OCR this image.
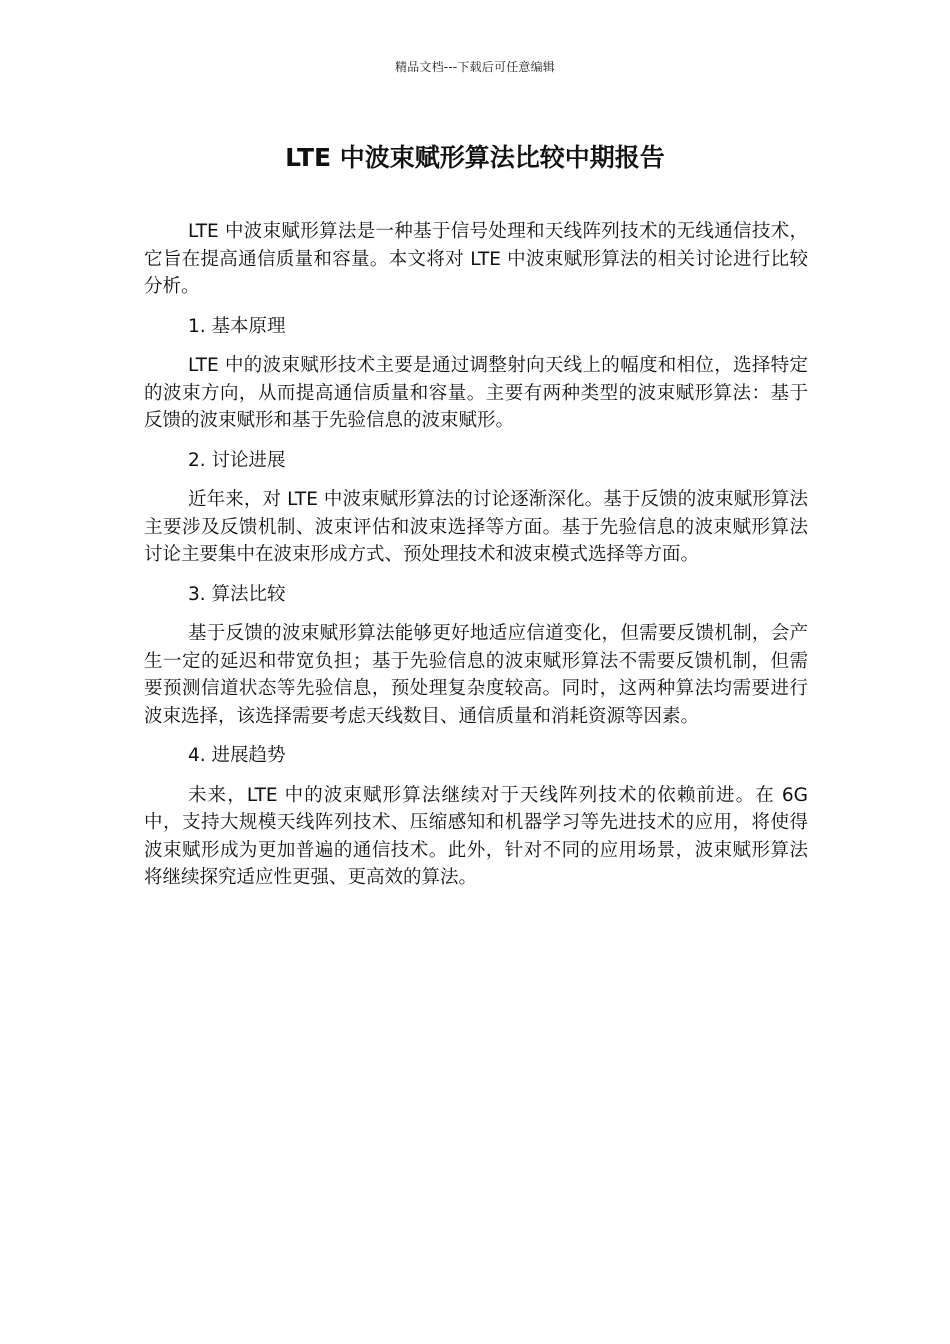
精品文档---下载后可任意编辑
LTE 中波束赋形算法比较中期报告

LTE 中波束赋形算法是一种基于信号处理和天线阵列技术的无线通信技术，它旨在提高通信质量和容量。本文将对 LTE 中波束赋形算法的相关讨论进行比较分析。

1. 基本原理

LTE 中的波束赋形技术主要是通过调整射向天线上的幅度和相位，选择特定的波束方向，从而提高通信质量和容量。主要有两种类型的波束赋形算法：基于反馈的波束赋形和基于先验信息的波束赋形。

2. 讨论进展

近年来，对 LTE 中波束赋形算法的讨论逐渐深化。基于反馈的波束赋形算法主要涉及反馈机制、波束评估和波束选择等方面。基于先验信息的波束赋形算法讨论主要集中在波束形成方式、预处理技术和波束模式选择等方面。

3. 算法比较

基于反馈的波束赋形算法能够更好地适应信道变化，但需要反馈机制，会产生一定的延迟和带宽负担；基于先验信息的波束赋形算法不需要反馈机制，但需要预测信道状态等先验信息，预处理复杂度较高。同时，这两种算法均需要进行波束选择，该选择需要考虑天线数目、通信质量和消耗资源等因素。

4. 进展趋势

未来，LTE 中的波束赋形算法继续对于天线阵列技术的依赖前进。在 6G 中，支持大规模天线阵列技术、压缩感知和机器学习等先进技术的应用，将使得波束赋形成为更加普遍的通信技术。此外，针对不同的应用场景，波束赋形算法将继续探究适应性更强、更高效的算法。
